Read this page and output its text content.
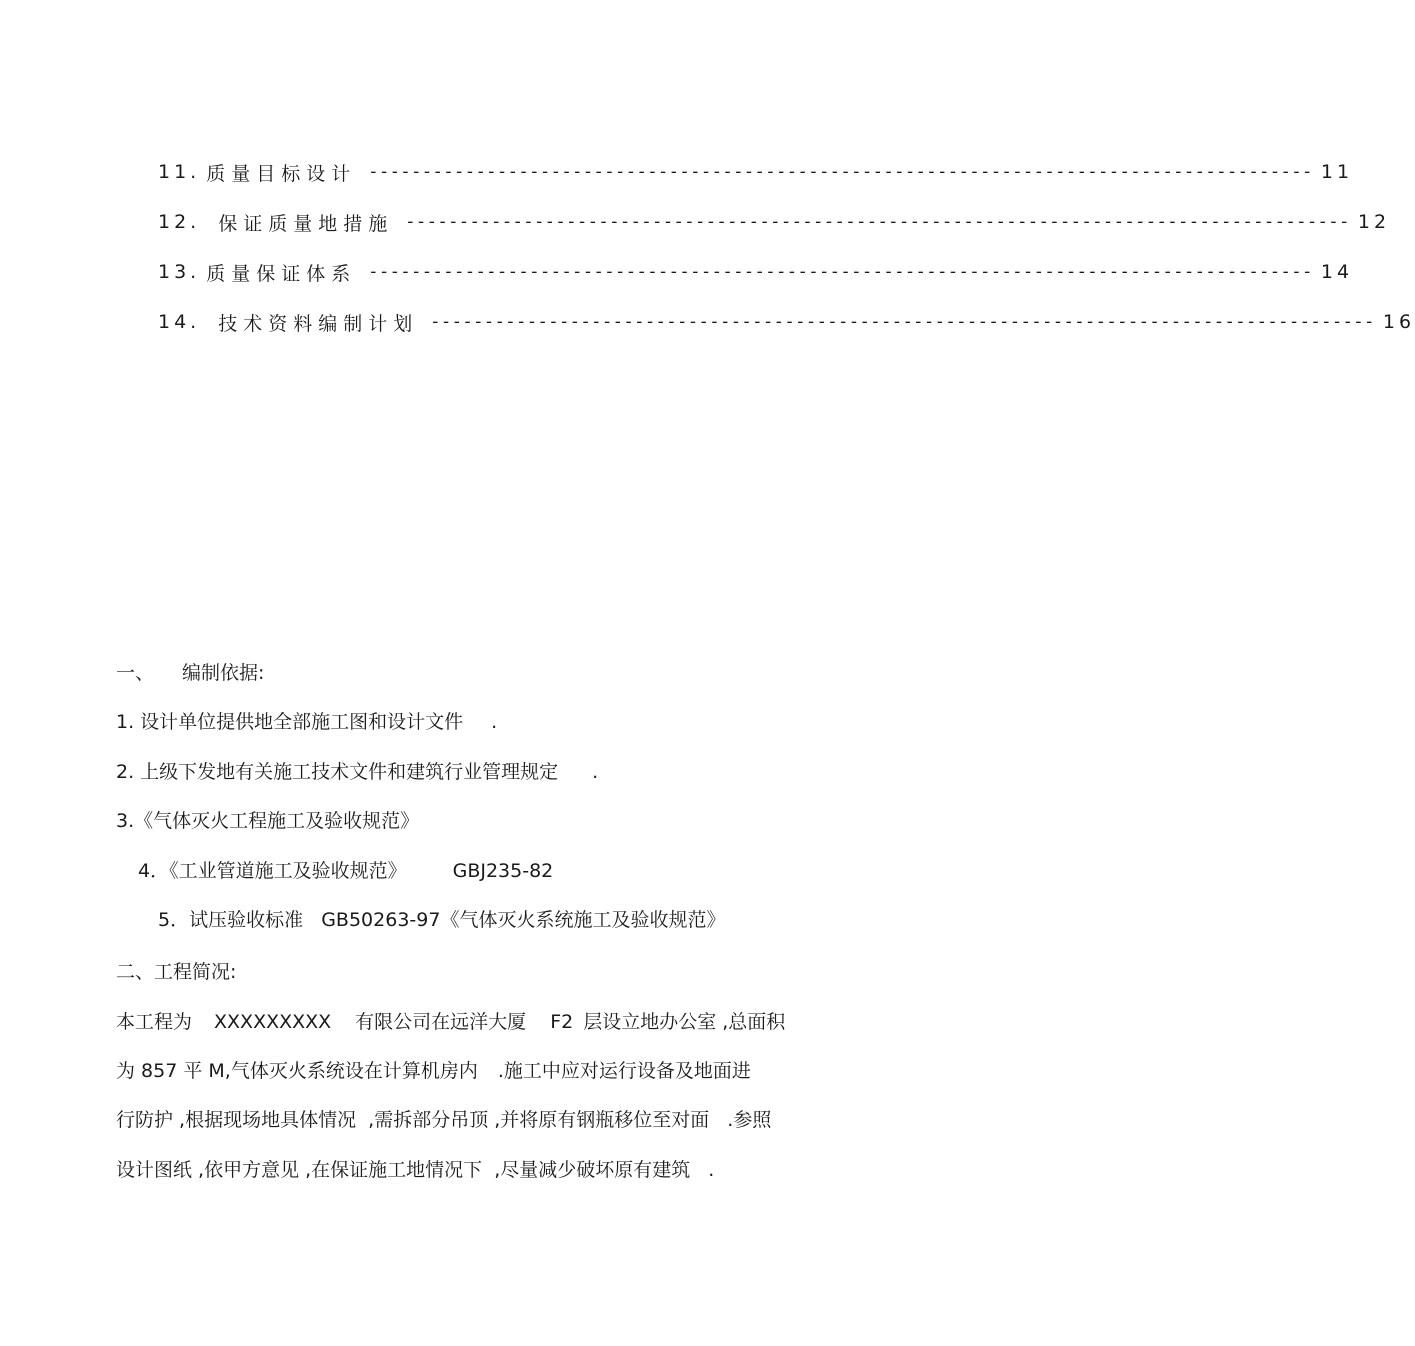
11. 质量目标设计 ---------------------------------------------------------------------------------------- 11
12. 保证质量地措施 ---------------------------------------------------------------------------------------- 12
13. 质量保证体系 ---------------------------------------------------------------------------------------- 14
14. 技术资料编制计划 ---------------------------------------------------------------------------------------- 16
一、 编制依据:
1. 设计单位提供地全部施工图和设计文件 .
2. 上级下发地有关施工技术文件和建筑行业管理规定 .
3.《气体灭火工程施工及验收规范》
4．《工业管道施工及验收规范》 GBJ235-82
5．试压验收标准   GB50263-97《气体灭火系统施工及验收规范》
二、工程简况:
本工程为 XXXXXXXXX 有限公司在远洋大厦 F2 层设立地办公室 ,总面积
为 857 平 M,气体灭火系统设在计算机房内 .施工中应对运行设备及地面进
行防护 ,根据现场地具体情况  ,需拆部分吊顶 ,并将原有钢瓶移位至对面 .参照
设计图纸 ,依甲方意见 ,在保证施工地情况下  ,尽量减少破坏原有建筑 .
